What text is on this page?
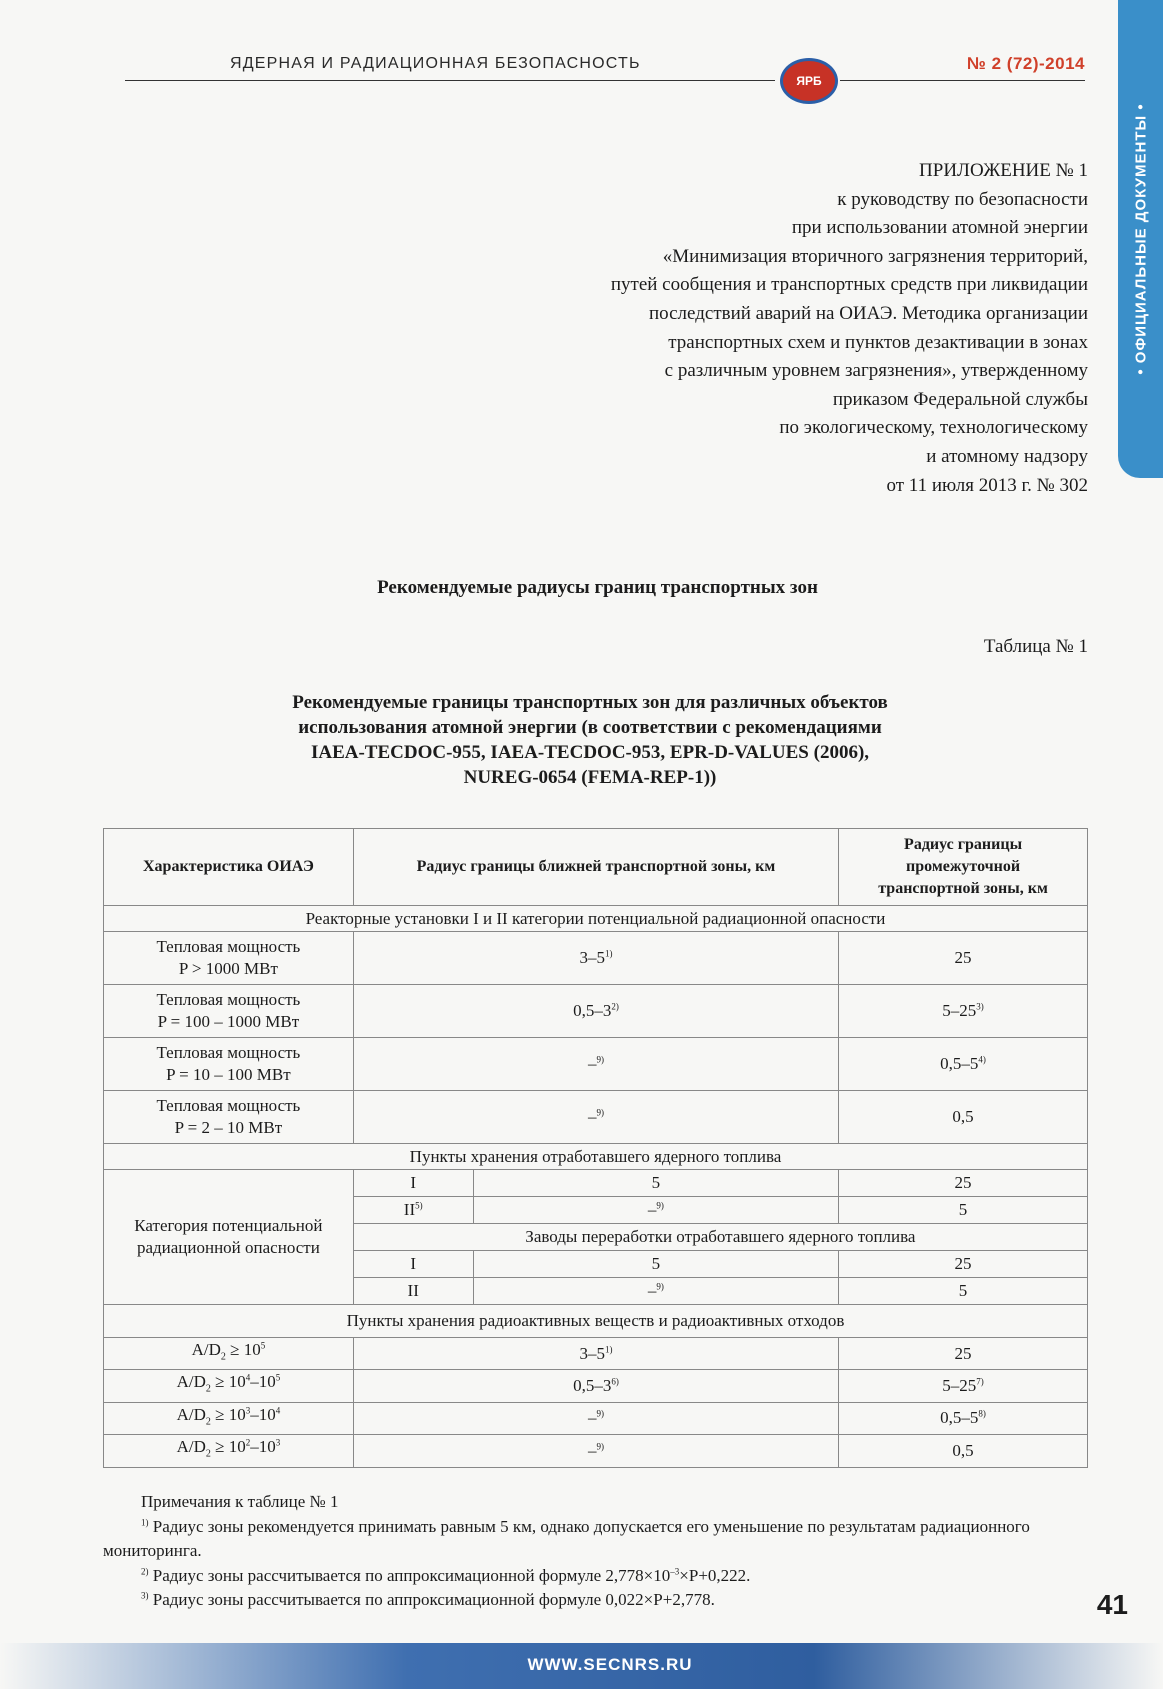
ЯДЕРНАЯ И РАДИАЦИОННАЯ БЕЗОПАСНОСТЬ
ЯРБ
№ 2 (72)-2014
• ОФИЦИАЛЬНЫЕ ДОКУМЕНТЫ •
ПРИЛОЖЕНИЕ № 1
к руководству по безопасности
при использовании атомной энергии
«Минимизация вторичного загрязнения территорий,
путей сообщения и транспортных средств при ликвидации
последствий аварий на ОИАЭ. Методика организации
транспортных схем и пунктов дезактивации в зонах
с различным уровнем загрязнения», утвержденному
приказом Федеральной службы
по экологическому, технологическому
и атомному надзору
от 11 июля 2013 г. № 302
Рекомендуемые радиусы границ транспортных зон
Таблица № 1
Рекомендуемые границы транспортных зон для различных объектов
использования атомной энергии (в соответствии с рекомендациями
IAEA-TECDOC-955, IAEA-TECDOC-953, EPR-D-VALUES (2006),
NUREG-0654 (FEMA-REP-1))
Характеристика ОИАЭ	Радиус границы ближней транспортной зоны, км		Радиус границы промежуточной транспортной зоны, км
Реакторные установки I и II категории потенциальной радиационной опасности			

Тепловая мощность
P > 1000 МВт	3–5$^{1)}$		25

Тепловая мощность
P = 100 – 1000 МВт	0,5–3$^{2)}$		5–25$^{3)}$

Тепловая мощность
P = 10 – 100 МВт	–$^{9)}$		0,5–5$^{4)}$

Тепловая мощность
P = 2 – 10 МВт	–$^{9)}$		0,5
Пункты хранения отработавшего ядерного топлива			

Категория потенциальной
радиационной опасности	I	5	25
	II$^{5)}$	–$^{9)}$	5
	Заводы переработки отработавшего ядерного топлива		
	I	5	25
	II	–$^{9)}$	5
Пункты хранения радиоактивных веществ и радиоактивных отходов			
$A/D_2 \ge 10^5$	3–5$^{1)}$		25
$A/D_2 \ge 10^4-10^5$	0,5–3$^{6)}$		5–25$^{7)}$
$A/D_2 \ge 10^3-10^4$	–$^{9)}$		0,5–5$^{8)}$
$A/D_2 \ge 10^2-10^3$	–$^{9)}$		0,5

Примечания к таблице № 1

$^{1)}$ Радиус зоны рекомендуется принимать равным 5 км, однако допускается его уменьшение по результатам радиационного мониторинга.

$^{2)}$ Радиус зоны рассчитывается по аппроксимационной формуле $2,778\times 10^{-3}\times P+0,222$.

$^{3)}$ Радиус зоны рассчитывается по аппроксимационной формуле 0,022×P+2,778.	41
WWW.SECNRS.RU
